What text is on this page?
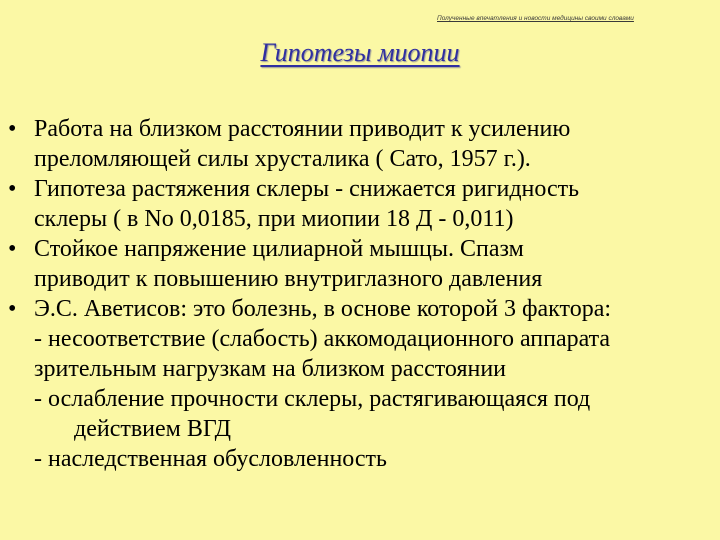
Полученные впечатления и новости медицины своими словами
Гипотезы миопии
• Работа на близком расстоянии приводит к усилению
преломляющей силы хрусталика ( Сато, 1957 г.).
• Гипотеза растяжения склеры - снижается ригидность
склеры ( в No 0,0185, при миопии 18 Д - 0,011)
• Стойкое напряжение цилиарной мышцы. Спазм
приводит к повышению внутриглазного давления
• Э.С. Аветисов: это болезнь, в основе которой 3 фактора:
- несоответствие (слабость) аккомодационного аппарата
зрительным нагрузкам на близком расстоянии
- ослабление прочности склеры, растягивающаяся под
действием ВГД
- наследственная обусловленность
